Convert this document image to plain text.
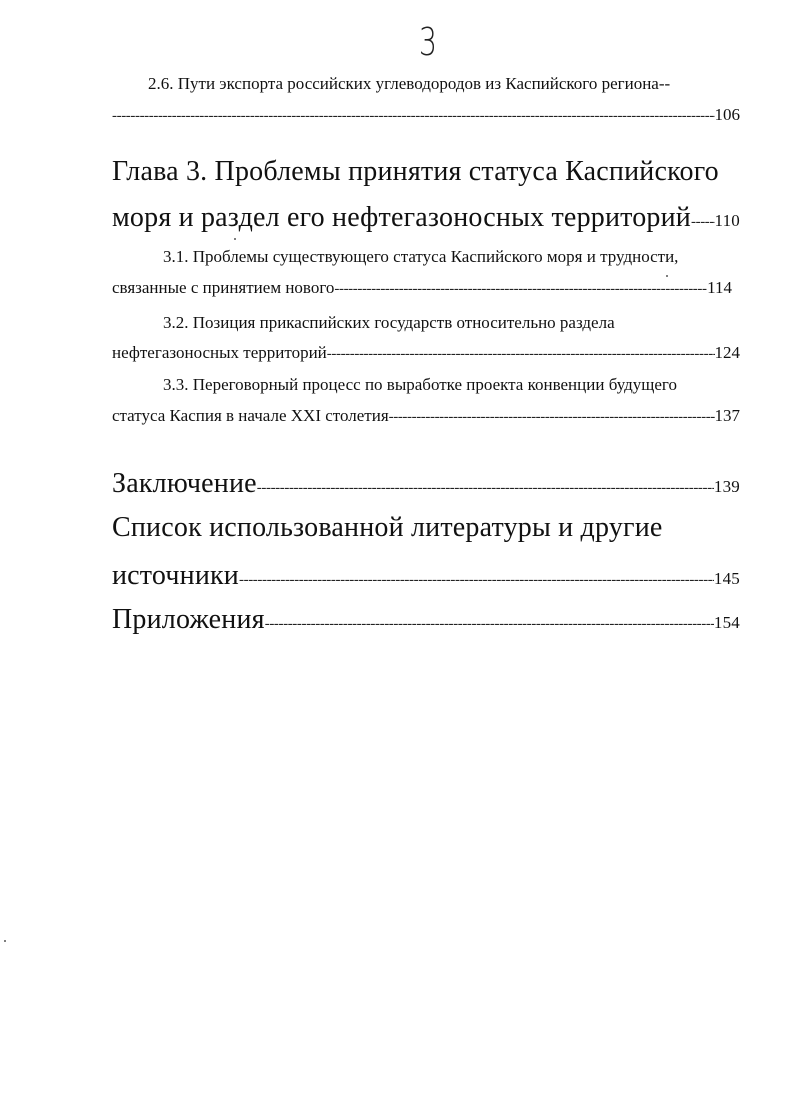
3
2.6. Пути экспорта российских углеводородов из Каспийского региона--
-----
106
Глава 3. Проблемы принятия статуса Каспийского
моря и раздел его нефтегазоносных территорий ----- 110
3.1. Проблемы существующего статуса Каспийского моря и трудности,
связанные с принятием нового -----	114
3.2. Позиция прикаспийских государств относительно раздела
нефтегазоносных территорий -----	124
3.3. Переговорный процесс по выработке проекта конвенции будущего
статуса Каспия в начале XXI столетия -----	137
Заключение -----	139
Список использованной литературы и другие
источники -----	145
Приложения -----	154
